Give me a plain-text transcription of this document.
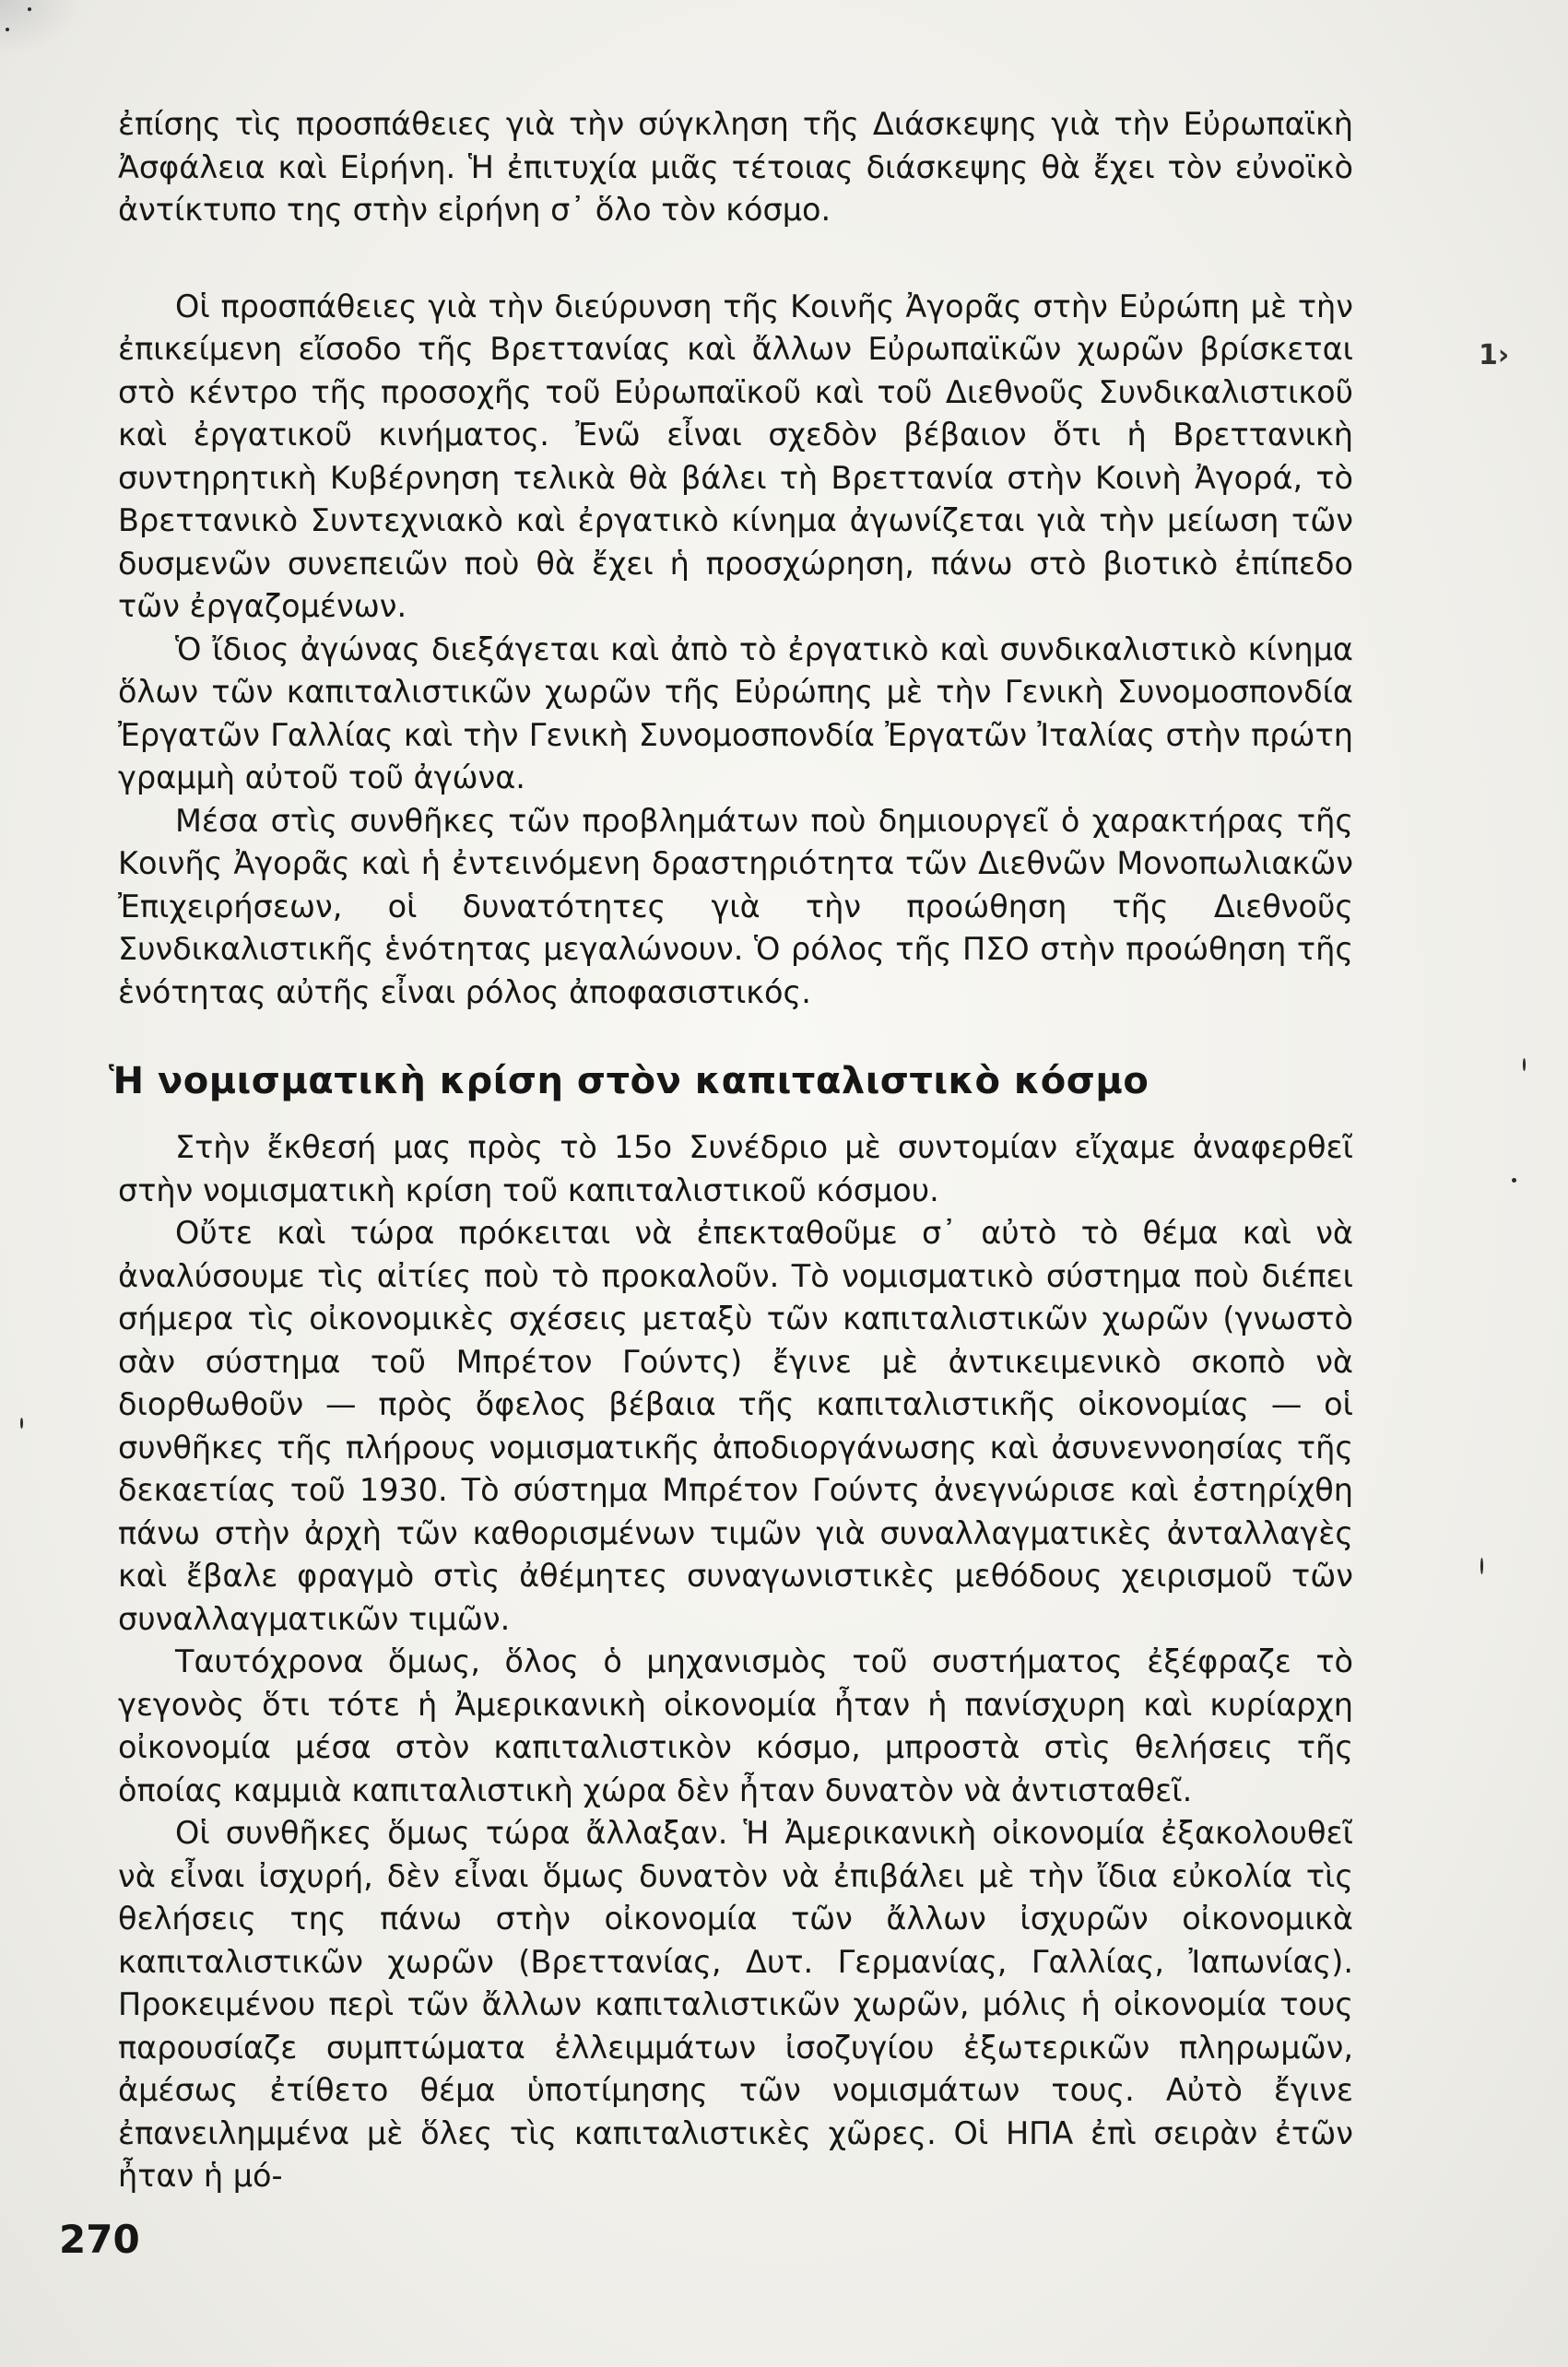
ἐπίσης τὶς προσπάθειες γιὰ τὴν σύγκληση τῆς Διάσκεψης γιὰ τὴν Εὐρωπαϊκὴ Ἀσφάλεια καὶ Εἰρήνη. Ἡ ἐπιτυχία μιᾶς τέτοιας διάσκεψης θὰ ἔχει τὸν εὐνοϊκὸ ἀντίκτυπο της στὴν εἰρήνη σ᾽ ὅλο τὸν κόσμο.

Οἱ προσπάθειες γιὰ τὴν διεύρυνση τῆς Κοινῆς Ἀγορᾶς στὴν Εὐρώπη μὲ τὴν ἐπικείμενη εἴσοδο τῆς Βρεττανίας καὶ ἄλλων Εὐρωπαϊκῶν χωρῶν βρίσκεται στὸ κέντρο τῆς προσοχῆς τοῦ Εὐρωπαϊκοῦ καὶ τοῦ Διεθνοῦς Συνδικαλιστικοῦ καὶ ἐργατικοῦ κινήματος. Ἐνῶ εἶναι σχεδὸν βέβαιον ὅτι ἡ Βρεττανικὴ συντηρητικὴ Κυβέρνηση τελικὰ θὰ βάλει τὴ Βρεττανία στὴν Κοινὴ Ἀγορά, τὸ Βρεττανικὸ Συντεχνιακὸ καὶ ἐργατικὸ κίνημα ἀγωνίζεται γιὰ τὴν μείωση τῶν δυσμενῶν συνεπειῶν ποὺ θὰ ἔχει ἡ προσχώρηση, πάνω στὸ βιοτικὸ ἐπίπεδο τῶν ἐργαζομένων.

Ὁ ἴδιος ἀγώνας διεξάγεται καὶ ἀπὸ τὸ ἐργατικὸ καὶ συνδικαλιστικὸ κίνημα ὅλων τῶν καπιταλιστικῶν χωρῶν τῆς Εὐρώπης μὲ τὴν Γενικὴ Συνομοσπονδία Ἐργατῶν Γαλλίας καὶ τὴν Γενικὴ Συνομοσπονδία Ἐργατῶν Ἰταλίας στὴν πρώτη γραμμὴ αὐτοῦ τοῦ ἀγώνα.

Μέσα στὶς συνθῆκες τῶν προβλημάτων ποὺ δημιουργεῖ ὁ χαρακτήρας τῆς Κοινῆς Ἀγορᾶς καὶ ἡ ἐντεινόμενη δραστηριότητα τῶν Διεθνῶν Μονοπωλιακῶν Ἐπιχειρήσεων, οἱ δυνατότητες γιὰ τὴν προώθηση τῆς Διεθνοῦς Συνδικαλιστικῆς ἑνότητας μεγαλώνουν. Ὁ ρόλος τῆς ΠΣΟ στὴν προώθηση τῆς ἑνότητας αὐτῆς εἶναι ρόλος ἀποφασιστικός.

Ἡ νομισματικὴ κρίση στὸν καπιταλιστικὸ κόσμο

Στὴν ἔκθεσή μας πρὸς τὸ 15ο Συνέδριο μὲ συντομίαν εἴχαμε ἀναφερθεῖ στὴν νομισματικὴ κρίση τοῦ καπιταλιστικοῦ κόσμου.

Οὔτε καὶ τώρα πρόκειται νὰ ἐπεκταθοῦμε σ᾽ αὐτὸ τὸ θέμα καὶ νὰ ἀναλύσουμε τὶς αἰτίες ποὺ τὸ προκαλοῦν. Τὸ νομισματικὸ σύστημα ποὺ διέπει σήμερα τὶς οἰκονομικὲς σχέσεις μεταξὺ τῶν καπιταλιστικῶν χωρῶν (γνωστὸ σὰν σύστημα τοῦ Μπρέτον Γούντς) ἔγινε μὲ ἀντικειμενικὸ σκοπὸ νὰ διορθωθοῦν — πρὸς ὄφελος βέβαια τῆς καπιταλιστικῆς οἰκονομίας — οἱ συνθῆκες τῆς πλήρους νομισματικῆς ἀποδιοργάνωσης καὶ ἀσυνεννοησίας τῆς δεκαετίας τοῦ 1930. Τὸ σύστημα Μπρέτον Γούντς ἀνεγνώρισε καὶ ἐστηρίχθη πάνω στὴν ἀρχὴ τῶν καθορισμένων τιμῶν γιὰ συναλλαγματικὲς ἀνταλλαγὲς καὶ ἔβαλε φραγμὸ στὶς ἀθέμητες συναγωνιστικὲς μεθόδους χειρισμοῦ τῶν συναλλαγματικῶν τιμῶν.

Ταυτόχρονα ὅμως, ὅλος ὁ μηχανισμὸς τοῦ συστήματος ἐξέφραζε τὸ γεγονὸς ὅτι τότε ἡ Ἀμερικανικὴ οἰκονομία ἦταν ἡ πανίσχυρη καὶ κυρίαρχη οἰκονομία μέσα στὸν καπιταλιστικὸν κόσμο, μπροστὰ στὶς θελήσεις τῆς ὁποίας καμμιὰ καπιταλιστικὴ χώρα δὲν ἦταν δυνατὸν νὰ ἀντισταθεῖ.

Οἱ συνθῆκες ὅμως τώρα ἄλλαξαν. Ἡ Ἀμερικανικὴ οἰκονομία ἐξακολουθεῖ νὰ εἶναι ἰσχυρή, δὲν εἶναι ὅμως δυνατὸν νὰ ἐπιβάλει μὲ τὴν ἴδια εὐκολία τὶς θελήσεις της πάνω στὴν οἰκονομία τῶν ἄλλων ἰσχυρῶν οἰκονομικὰ καπιταλιστικῶν χωρῶν (Βρεττανίας, Δυτ. Γερμανίας, Γαλλίας, Ἰαπωνίας). Προκειμένου περὶ τῶν ἄλλων καπιταλιστικῶν χωρῶν, μόλις ἡ οἰκονομία τους παρουσίαζε συμπτώματα ἐλλειμμάτων ἰσοζυγίου ἐξωτερικῶν πληρωμῶν, ἀμέσως ἐτίθετο θέμα ὑποτίμησης τῶν νομισμάτων τους. Αὐτὸ ἔγινε ἐπανειλημμένα μὲ ὅλες τὶς καπιταλιστικὲς χῶρες. Οἱ ΗΠΑ ἐπὶ σειρὰν ἐτῶν ἦταν ἡ μό-

1›
270
